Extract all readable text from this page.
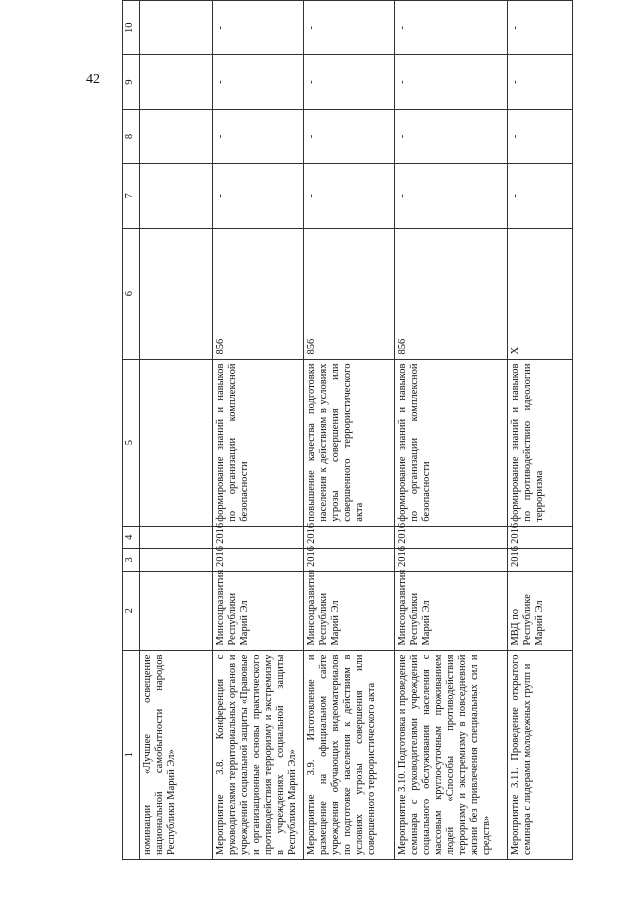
42
1	2	3	4	5	6	7	8	9	10
номинации «Лучшее освещение национальной самобытности народов Республики Марий Эл»									
Мероприятие 3.8. Конференция с руководителями территориальных органов и учреждений социальной защиты «Правовые и организационные основы практического противодействия терроризму и экстремизму в учреждениях социальной защиты Республики Марий Эл»	Минсоцразвития Республики Марий Эл	2016	2016	формирование знаний и навыков по организации комплексной безопасности	856	-	-	-	-
Мероприятие 3.9. Изготовление и размещение на официальном сайте учреждения обучающих видеоматериалов по подготовке населения к действиям в условиях угрозы совершения или совершенного террористического акта	Минсоцразвития Республики Марий Эл	2016	2016	повышение качества подготовки населения к действиям в условиях угрозы совершения или совершенного террористического акта	856	-	-	-	-
Мероприятие 3.10. Подготовка и проведение семинара с руководителями учреждений социального обслуживания населения с массовым круглосуточным проживанием людей «Способы противодействия терроризму и экстремизму в повседневной жизни без привлечения специальных сил и средств»	Минсоцразвития Республики Марий Эл	2016	2016	формирование знаний и навыков по организации комплексной безопасности	856	-	-	-	-
Мероприятие 3.11. Проведение открытого семинара с лидерами молодежных групп и	МВД по Республике Марий Эл	2016	2016	формирование знаний и навыков по противодействию идеологии терроризма	Х	-	-	-	-
